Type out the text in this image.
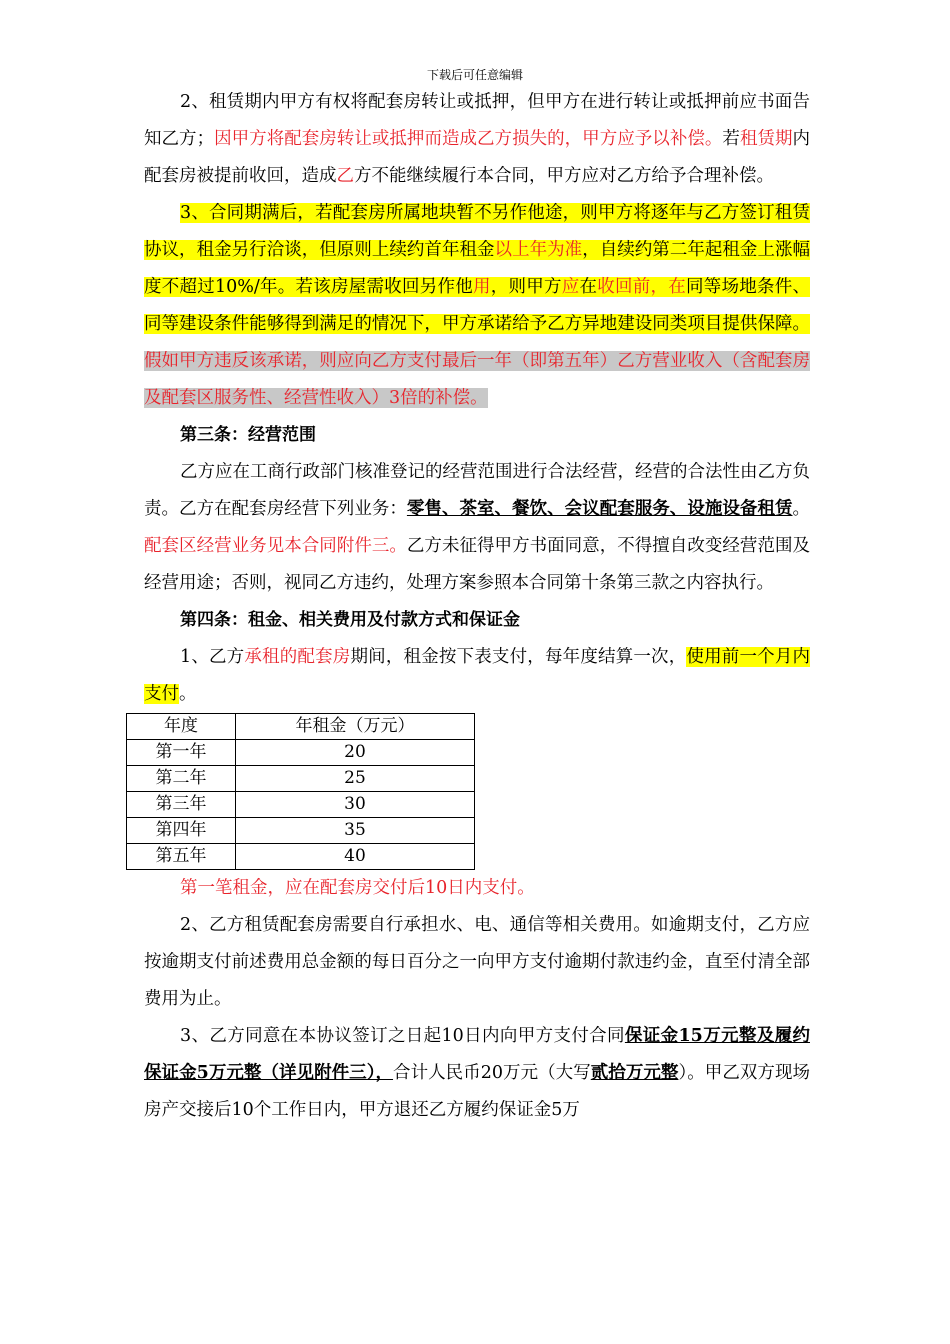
下载后可任意编辑

2、租赁期内甲方有权将配套房转让或抵押，但甲方在进行转让或抵押前应书面告知乙方；因甲方将配套房转让或抵押而造成乙方损失的，甲方应予以补偿。若租赁期内配套房被提前收回，造成乙方不能继续履行本合同，甲方应对乙方给予合理补偿。

3、合同期满后，若配套房所属地块暂不另作他途，则甲方将逐年与乙方签订租赁协议，租金另行洽谈，但原则上续约首年租金以上年为准，自续约第二年起租金上涨幅度不超过10%/年。若该房屋需收回另作他用，则甲方应在收回前，在同等场地条件、同等建设条件能够得到满足的情况下，甲方承诺给予乙方异地建设同类项目提供保障。假如甲方违反该承诺，则应向乙方支付最后一年（即第五年）乙方营业收入（含配套房及配套区服务性、经营性收入）3倍的补偿。

第三条：经营范围

乙方应在工商行政部门核准登记的经营范围进行合法经营，经营的合法性由乙方负责。乙方在配套房经营下列业务：零售、茶室、餐饮、会议配套服务、设施设备租赁。配套区经营业务见本合同附件三。乙方未征得甲方书面同意，不得擅自改变经营范围及经营用途；否则，视同乙方违约，处理方案参照本合同第十条第三款之内容执行。

第四条：租金、相关费用及付款方式和保证金

1、乙方承租的配套房期间，租金按下表支付，每年度结算一次，使用前一个月内支付。

年度	年租金（万元）
第一年	20
第二年	25
第三年	30
第四年	35
第五年	40

第一笔租金，应在配套房交付后10日内支付。

2、乙方租赁配套房需要自行承担水、电、通信等相关费用。如逾期支付，乙方应按逾期支付前述费用总金额的每日百分之一向甲方支付逾期付款违约金，直至付清全部费用为止。

3、乙方同意在本协议签订之日起10日内向甲方支付合同保证金15万元整及履约保证金5万元整（详见附件三），合计人民币20万元（大写贰拾万元整）。甲乙双方现场房产交接后10个工作日内，甲方退还乙方履约保证金5万
